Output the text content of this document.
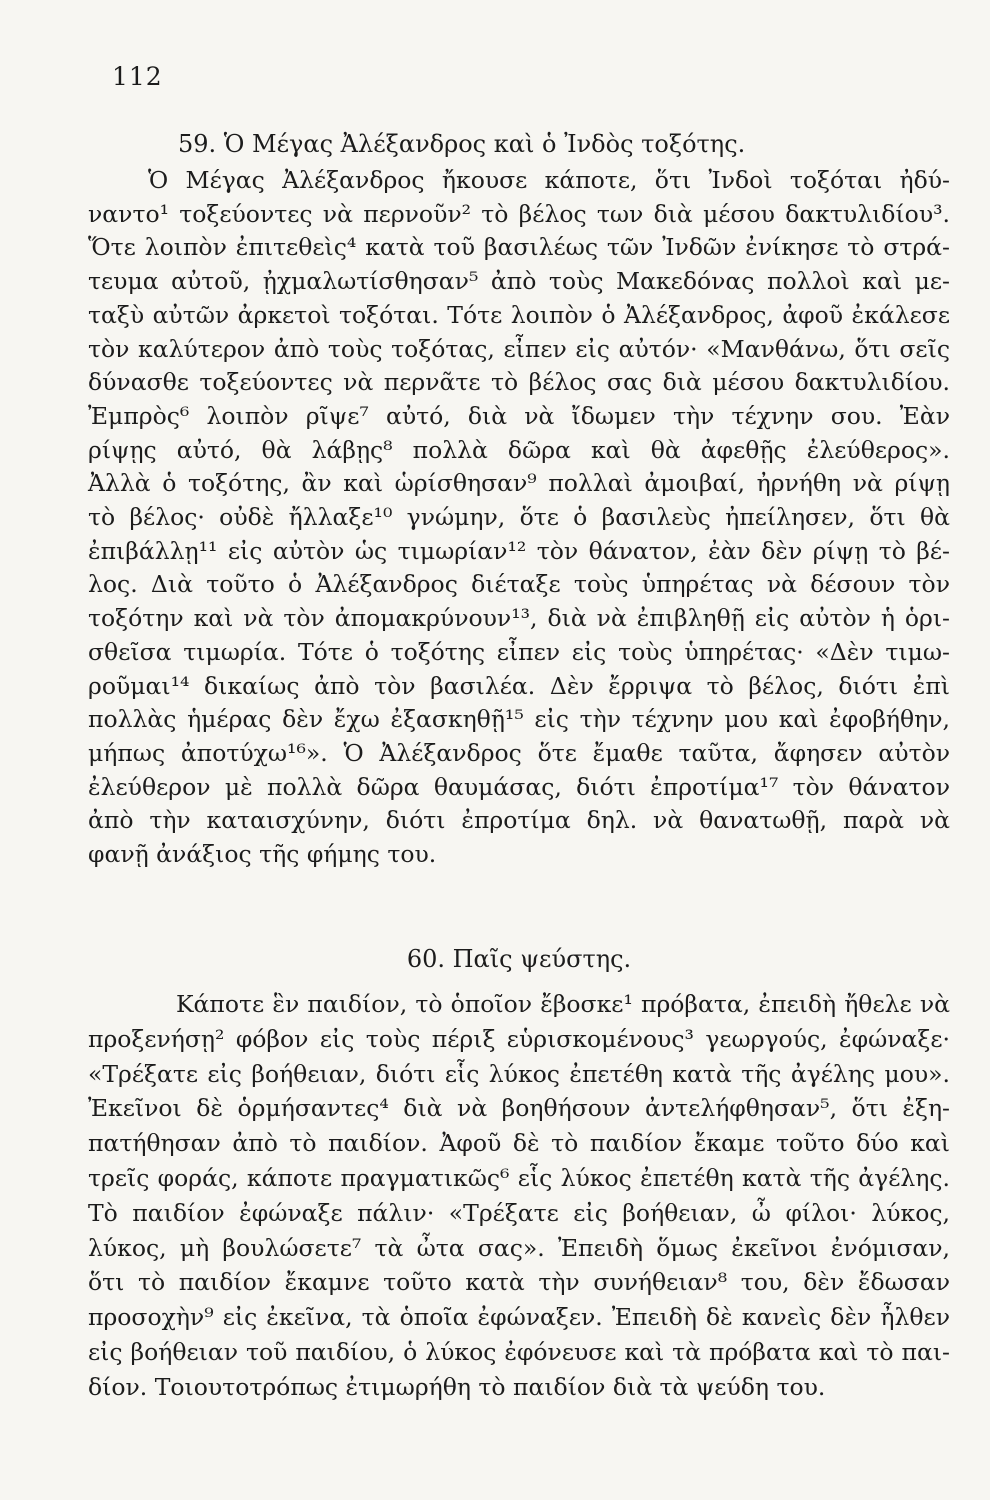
112
59. Ὁ Μέγας Ἀλέξανδρος καὶ ὁ Ἰνδὸς τοξότης.
Ὁ Μέγας Ἀλέξανδρος ἤκουσε κάποτε, ὅτι Ἰνδοὶ τοξόται ἠδύ-
ναντο¹ τοξεύοντες νὰ περνοῦν² τὸ βέλος των διὰ μέσου δακτυλιδίου³.
Ὅτε λοιπὸν ἐπιτεθεὶς⁴ κατὰ τοῦ βασιλέως τῶν Ἰνδῶν ἐνίκησε τὸ στρά-
τευμα αὐτοῦ, ᾐχμαλωτίσθησαν⁵ ἀπὸ τοὺς Μακεδόνας πολλοὶ καὶ με-
ταξὺ αὐτῶν ἀρκετοὶ τοξόται. Τότε λοιπὸν ὁ Ἀλέξανδρος, ἀφοῦ ἐκάλεσε
τὸν καλύτερον ἀπὸ τοὺς τοξότας, εἶπεν εἰς αὐτόν· «Μανθάνω, ὅτι σεῖς
δύνασθε τοξεύοντες νὰ περνᾶτε τὸ βέλος σας διὰ μέσου δακτυλιδίου.
Ἐμπρὸς⁶ λοιπὸν ρῖψε⁷ αὐτό, διὰ νὰ ἴδωμεν τὴν τέχνην σου. Ἐὰν
ρίψῃς αὐτό, θὰ λάβῃς⁸ πολλὰ δῶρα καὶ θὰ ἀφεθῇς ἐλεύθερος».
Ἀλλὰ ὁ τοξότης, ἂν καὶ ὡρίσθησαν⁹ πολλαὶ ἀμοιβαί, ἠρνήθη νὰ ρίψῃ
τὸ βέλος· οὐδὲ ἤλλαξε¹⁰ γνώμην, ὅτε ὁ βασιλεὺς ἠπείλησεν, ὅτι θὰ
ἐπιβάλλῃ¹¹ εἰς αὐτὸν ὡς τιμωρίαν¹² τὸν θάνατον, ἐὰν δὲν ρίψῃ τὸ βέ-
λος. Διὰ τοῦτο ὁ Ἀλέξανδρος διέταξε τοὺς ὑπηρέτας νὰ δέσουν τὸν
τοξότην καὶ νὰ τὸν ἀπομακρύνουν¹³, διὰ νὰ ἐπιβληθῇ εἰς αὐτὸν ἡ ὁρι-
σθεῖσα τιμωρία. Τότε ὁ τοξότης εἶπεν εἰς τοὺς ὑπηρέτας· «Δὲν τιμω-
ροῦμαι¹⁴ δικαίως ἀπὸ τὸν βασιλέα. Δὲν ἔρριψα τὸ βέλος, διότι ἐπὶ
πολλὰς ἡμέρας δὲν ἔχω ἐξασκηθῇ¹⁵ εἰς τὴν τέχνην μου καὶ ἐφοβήθην,
μήπως ἀποτύχω¹⁶». Ὁ Ἀλέξανδρος ὅτε ἔμαθε ταῦτα, ἄφησεν αὐτὸν
ἐλεύθερον μὲ πολλὰ δῶρα θαυμάσας, διότι ἐπροτίμα¹⁷ τὸν θάνατον
ἀπὸ τὴν καταισχύνην, διότι ἐπροτίμα δηλ. νὰ θανατωθῇ, παρὰ νὰ
φανῇ ἀνάξιος τῆς φήμης του.
60. Παῖς ψεύστης.
Κάποτε ἓν παιδίον, τὸ ὁποῖον ἔβοσκε¹ πρόβατα, ἐπειδὴ ἤθελε νὰ
προξενήσῃ² φόβον εἰς τοὺς πέριξ εὑρισκομένους³ γεωργούς, ἐφώναξε·
«Τρέξατε εἰς βοήθειαν, διότι εἷς λύκος ἐπετέθη κατὰ τῆς ἀγέλης μου».
Ἐκεῖνοι δὲ ὁρμήσαντες⁴ διὰ νὰ βοηθήσουν ἀντελήφθησαν⁵, ὅτι ἐξη-
πατήθησαν ἀπὸ τὸ παιδίον. Ἀφοῦ δὲ τὸ παιδίον ἔκαμε τοῦτο δύο καὶ
τρεῖς φοράς, κάποτε πραγματικῶς⁶ εἷς λύκος ἐπετέθη κατὰ τῆς ἀγέλης.
Τὸ παιδίον ἐφώναξε πάλιν· «Τρέξατε εἰς βοήθειαν, ὦ φίλοι· λύκος,
λύκος, μὴ βουλώσετε⁷ τὰ ὦτα σας». Ἐπειδὴ ὅμως ἐκεῖνοι ἐνόμισαν,
ὅτι τὸ παιδίον ἔκαμνε τοῦτο κατὰ τὴν συνήθειαν⁸ του, δὲν ἔδωσαν
προσοχὴν⁹ εἰς ἐκεῖνα, τὰ ὁποῖα ἐφώναξεν. Ἐπειδὴ δὲ κανεὶς δὲν ἦλθεν
εἰς βοήθειαν τοῦ παιδίου, ὁ λύκος ἐφόνευσε καὶ τὰ πρόβατα καὶ τὸ παι-
δίον. Τοιουτοτρόπως ἐτιμωρήθη τὸ παιδίον διὰ τὰ ψεύδη του.
